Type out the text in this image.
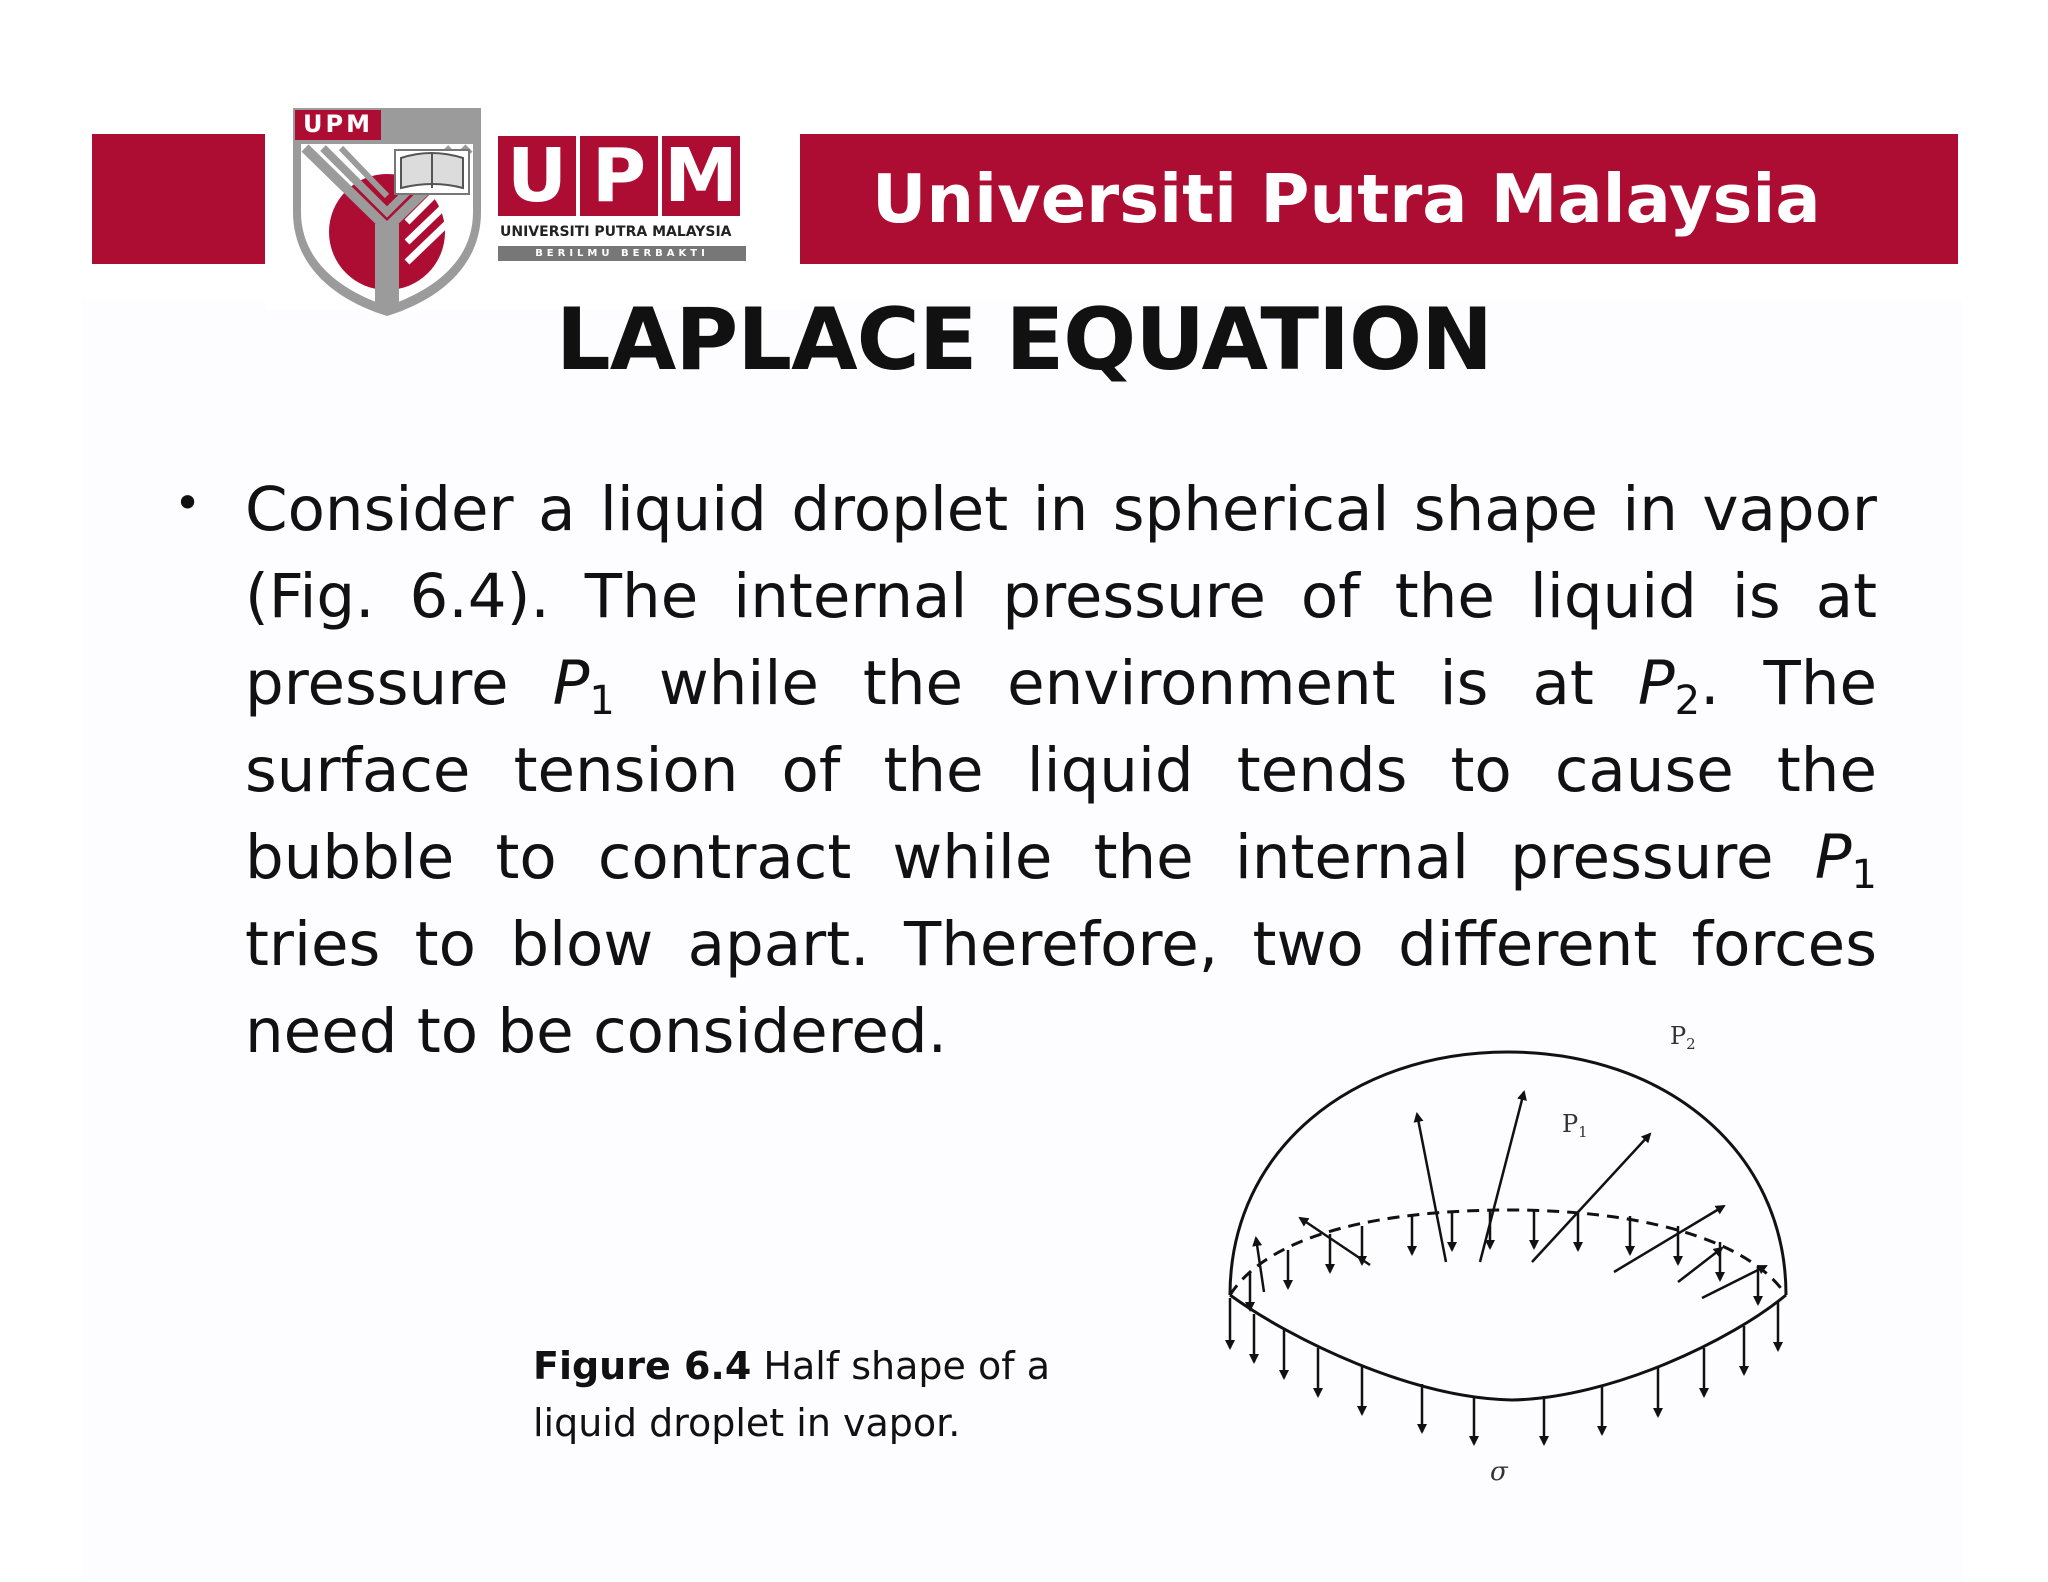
Universiti Putra Malaysia
UPM
U P M
UNIVERSITI PUTRA MALAYSIA
BERILMU BERBAKTI
LAPLACE EQUATION
• Consider a liquid droplet in spherical shape in vapor (Fig. 6.4). The internal pressure of the liquid is at pressure $P_1$ while the environment is at $P_2$. The surface tension of the liquid tends to cause the bubble to contract while the internal pressure $P_1$ tries to blow apart. Therefore, two different forces need to be considered.
Figure 6.4 Half shape of a liquid droplet in vapor.
$P_2$
$P_1$
σ
